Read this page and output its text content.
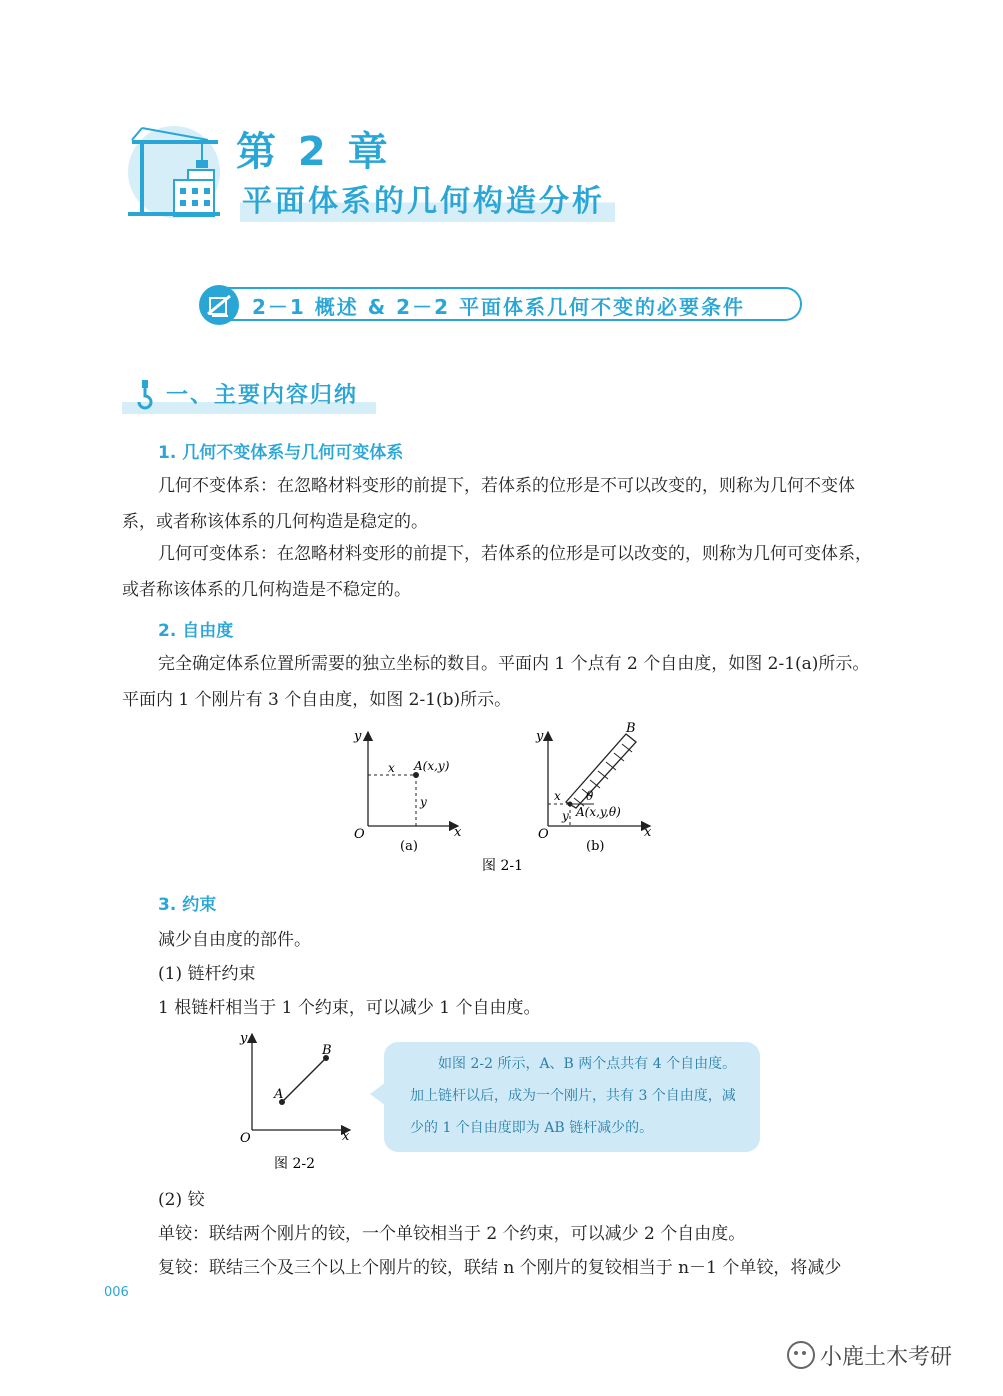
第 2 章
平面体系的几何构造分析
2－1 概述 & 2－2 平面体系几何不变的必要条件
一、主要内容归纳
1. 几何不变体系与几何可变体系
几何不变体系：在忽略材料变形的前提下，若体系的位形是不可以改变的，则称为几何不变体系，或者称该体系的几何构造是稳定的。
几何可变体系：在忽略材料变形的前提下，若体系的位形是可以改变的，则称为几何可变体系，或者称该体系的几何构造是不稳定的。
2. 自由度
完全确定体系位置所需要的独立坐标的数目。平面内 1 个点有 2 个自由度，如图 2-1(a)所示。平面内 1 个刚片有 3 个自由度，如图 2-1(b)所示。
y
x
O
x
y
A(x,y)
(a)
y
x
O
x
y
θ
B
A(x,y,θ)
(b)
图 2-1
3. 约束
减少自由度的部件。
(1) 链杆约束
1 根链杆相当于 1 个约束，可以减少 1 个自由度。
y
x
O
A
B
图 2-2
如图 2-2 所示，A、B 两个点共有 4 个自由度。加上链杆以后，成为一个刚片，共有 3 个自由度，减少的 1 个自由度即为 AB 链杆减少的。
(2) 铰
单铰：联结两个刚片的铰，一个单铰相当于 2 个约束，可以减少 2 个自由度。
复铰：联结三个及三个以上个刚片的铰，联结 n 个刚片的复铰相当于 n－1 个单铰，将减少
006
小鹿土木考研
